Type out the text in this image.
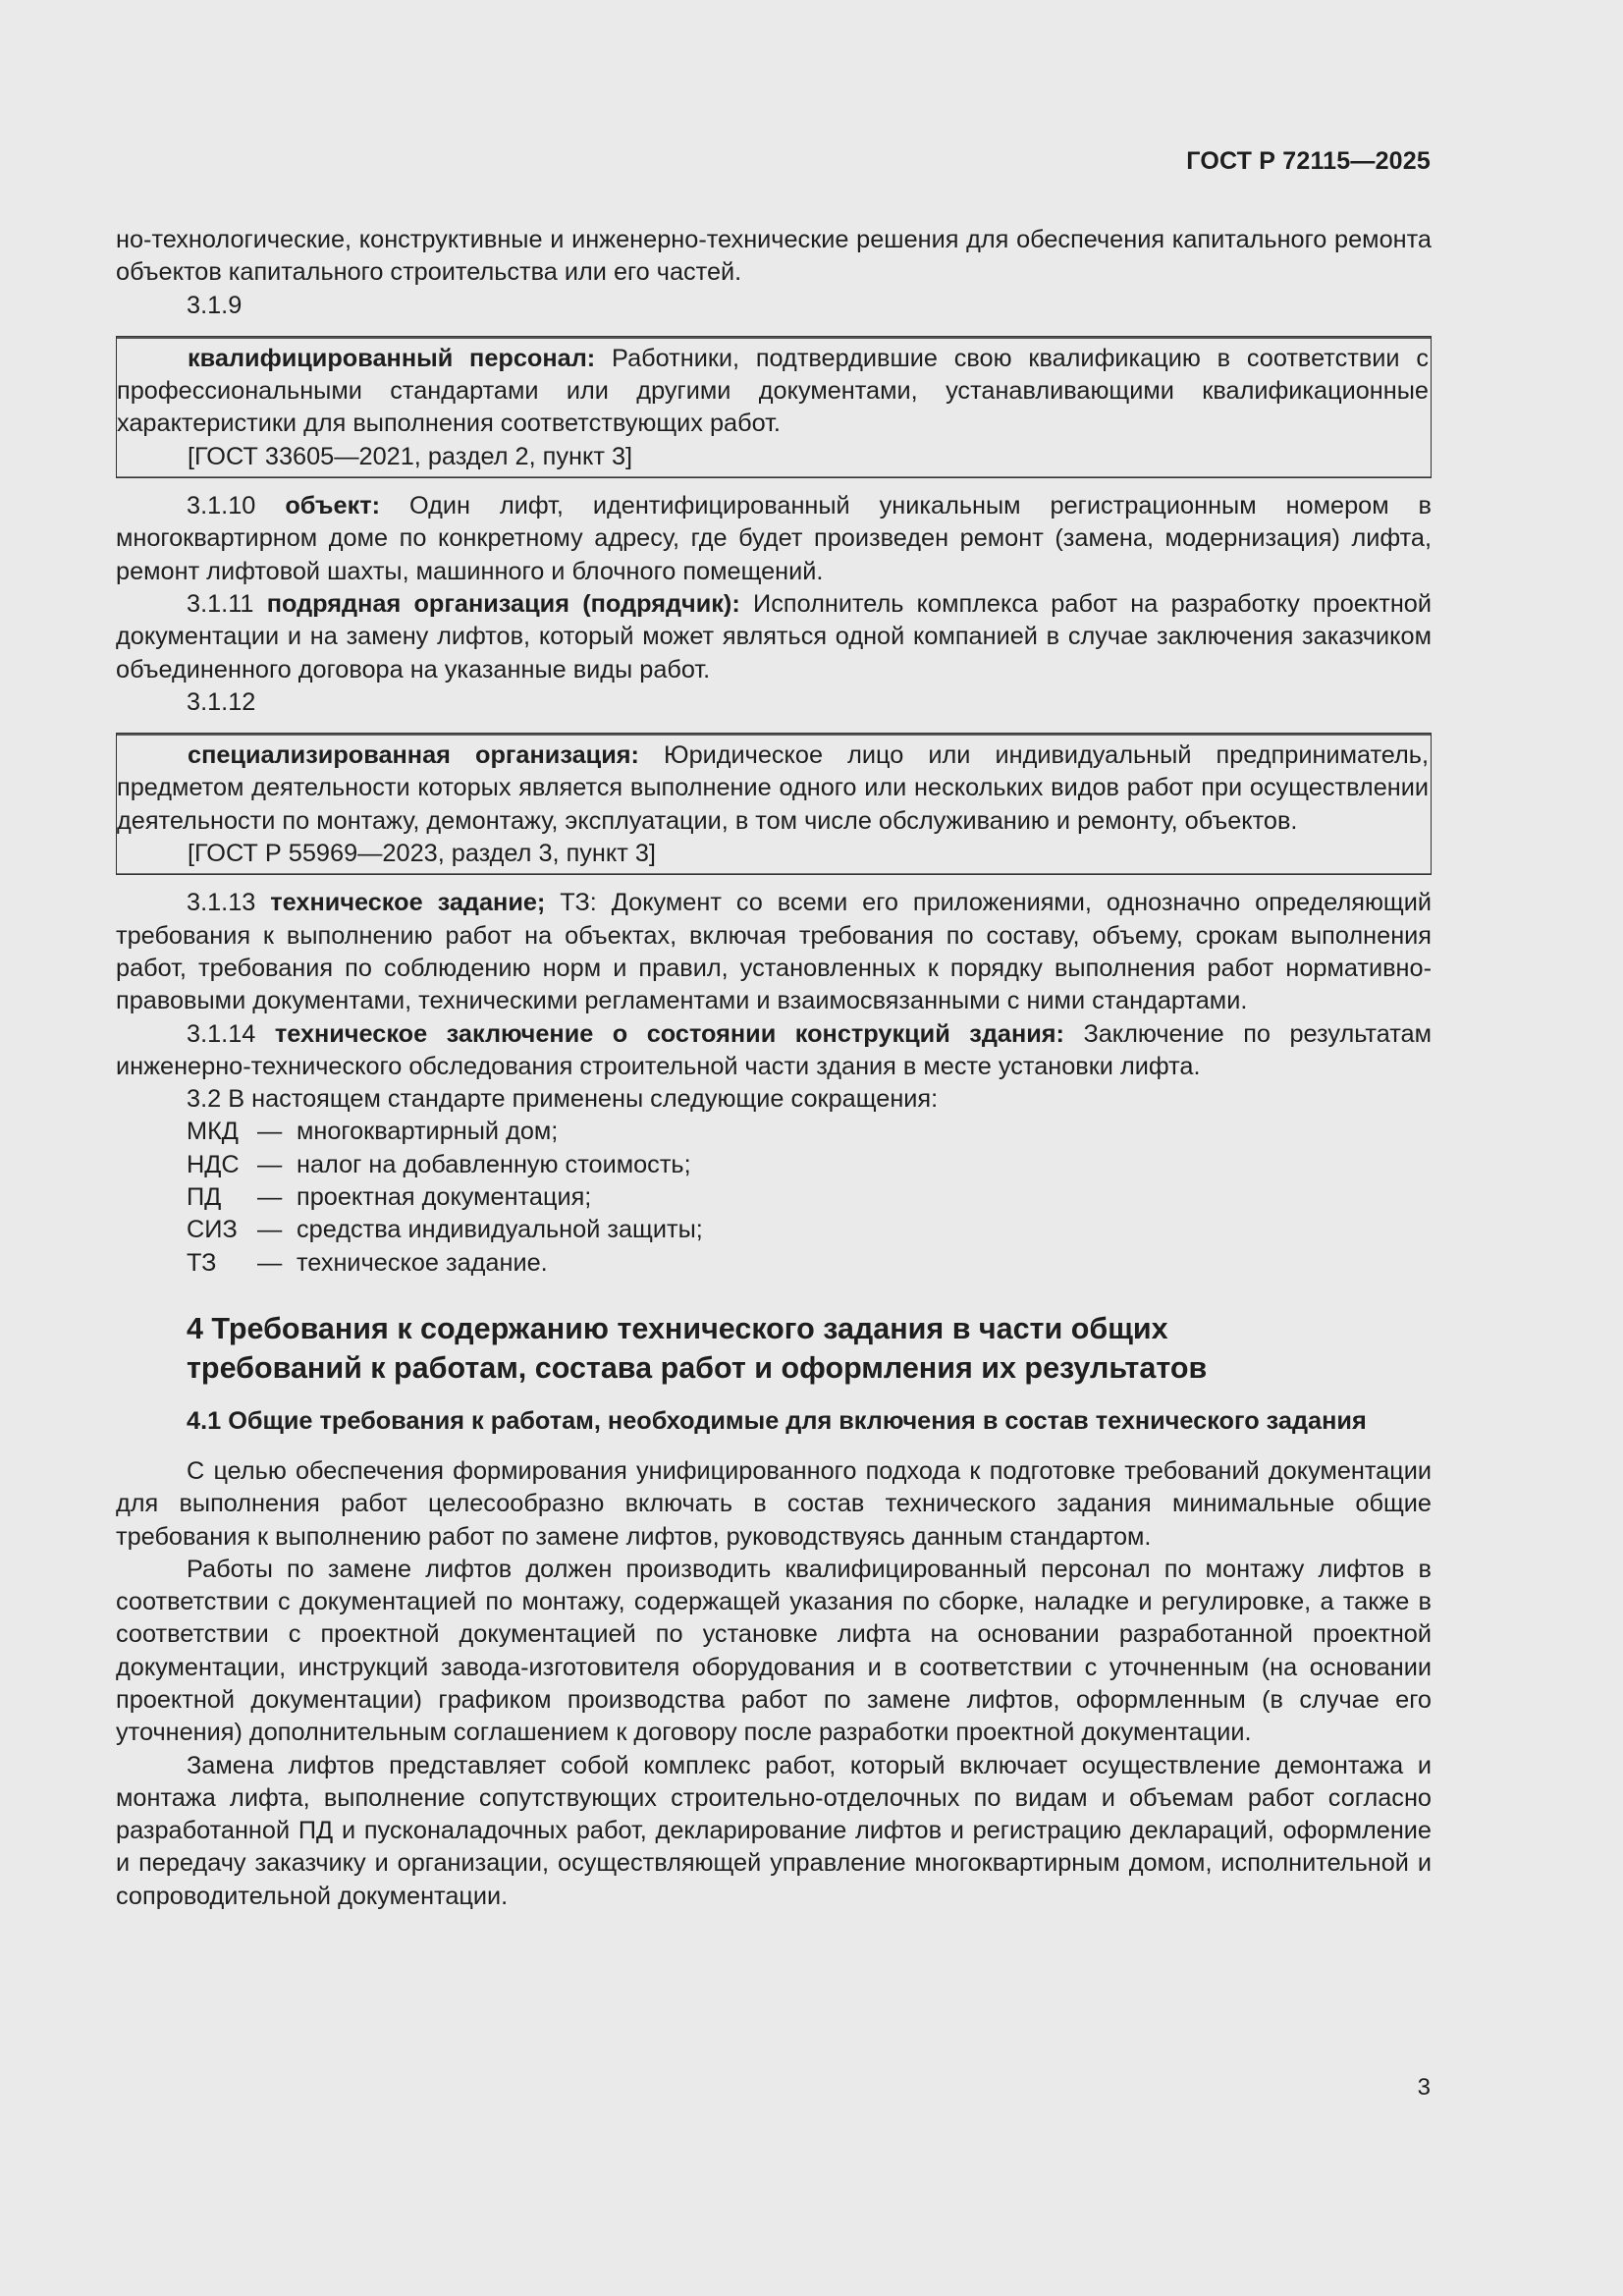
ГОСТ Р 72115—2025

но-технологические, конструктивные и инженерно-технические решения для обеспечения капитального ремонта объектов капитального строительства или его частей.

3.1.9

квалифицированный персонал: Работники, подтвердившие свою квалификацию в соответствии с профессиональными стандартами или другими документами, устанавливающими квалификационные характеристики для выполнения соответствующих работ.

[ГОСТ 33605—2021, раздел 2, пункт 3]

3.1.10 объект: Один лифт, идентифицированный уникальным регистрационным номером в многоквартирном доме по конкретному адресу, где будет произведен ремонт (замена, модернизация) лифта, ремонт лифтовой шахты, машинного и блочного помещений.

3.1.11 подрядная организация (подрядчик): Исполнитель комплекса работ на разработку проектной документации и на замену лифтов, который может являться одной компанией в случае заключения заказчиком объединенного договора на указанные виды работ.

3.1.12

специализированная организация: Юридическое лицо или индивидуальный предприниматель, предметом деятельности которых является выполнение одного или нескольких видов работ при осуществлении деятельности по монтажу, демонтажу, эксплуатации, в том числе обслуживанию и ремонту, объектов.

[ГОСТ Р 55969—2023, раздел 3, пункт 3]

3.1.13 техническое задание; ТЗ: Документ со всеми его приложениями, однозначно определяющий требования к выполнению работ на объектах, включая требования по составу, объему, срокам выполнения работ, требования по соблюдению норм и правил, установленных к порядку выполнения работ нормативно-правовыми документами, техническими регламентами и взаимосвязанными с ними стандартами.

3.1.14 техническое заключение о состоянии конструкций здания: Заключение по результатам инженерно-технического обследования строительной части здания в месте установки лифта.

3.2 В настоящем стандарте применены следующие сокращения:

МКД — многоквартирный дом;
НДС — налог на добавленную стоимость;
ПД	— проектная документация;
СИЗ — средства индивидуальной защиты;
ТЗ	— техническое задание.
4 Требования к содержанию технического задания в части общих
требований к работам, состава работ и оформления их результатов
4.1 Общие требования к работам, необходимые для включения в состав технического задания

С целью обеспечения формирования унифицированного подхода к подготовке требований документации для выполнения работ целесообразно включать в состав технического задания минимальные общие требования к выполнению работ по замене лифтов, руководствуясь данным стандартом.

Работы по замене лифтов должен производить квалифицированный персонал по монтажу лифтов в соответствии с документацией по монтажу, содержащей указания по сборке, наладке и регулировке, а также в соответствии с проектной документацией по установке лифта на основании разработанной проектной документации, инструкций завода-изготовителя оборудования и в соответствии с уточненным (на основании проектной документации) графиком производства работ по замене лифтов, оформленным (в случае его уточнения) дополнительным соглашением к договору после разработки проектной документации.

Замена лифтов представляет собой комплекс работ, который включает осуществление демонтажа и монтажа лифта, выполнение сопутствующих строительно-отделочных по видам и объемам работ согласно разработанной ПД и пусконаладочных работ, декларирование лифтов и регистрацию деклараций, оформление и передачу заказчику и организации, осуществляющей управление многоквартирным домом, исполнительной и сопроводительной документации.

3
